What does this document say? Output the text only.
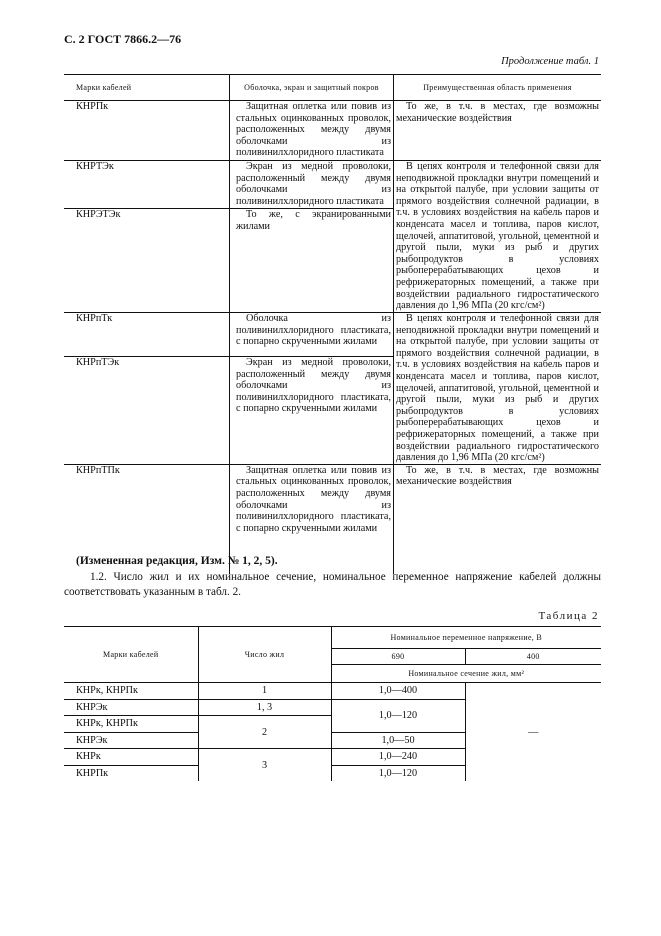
С. 2 ГОСТ 7866.2—76
Продолжение табл. 1
Марки кабелей	Оболочка, экран и защитный покров	Преимущественная область применения
КНРПк	Защитная оплетка или повив из стальных оцинкованных проволок, расположенных между двумя оболочками из поливинилхлоридного пластиката	То же, в т.ч. в местах, где возможны механические воздействия
КНРТЭк	Экран из медной проволоки, расположенный между двумя оболочками из поливинилхлоридного пластиката	В цепях контроля и телефонной связи для неподвижной прокладки внутри помещений и на открытой палубе, при условии защиты от прямого воздействия солнечной радиации, в т.ч. в условиях воздействия на кабель паров и конденсата масел и топлива, паров кислот, щелочей, аппатитовой, угольной, цементной и другой пыли, муки из рыб и других рыбопродуктов в условиях рыбоперерабатывающих цехов и рефрижераторных помещений, а также при воздействии радиального гидростатического давления до 1,96 МПа (20 кгс/см²)
КНРЭТЭк	То же, с экранированными жилами	
КНРпТк	Оболочка из поливинилхлоридного пластиката, с попарно скрученными жилами	В цепях контроля и телефонной связи для неподвижной прокладки внутри помещений и на открытой палубе, при условии защиты от прямого воздействия солнечной радиации, в т.ч. в условиях воздействия на кабель паров и конденсата масел и топлива, паров кислот, щелочей, аппатитовой, угольной, цементной и другой пыли, муки из рыб и других рыбопродуктов в условиях рыбоперерабатывающих цехов и рефрижераторных помещений, а также при воздействии радиального гидростатического давления до 1,96 МПа (20 кгс/см²)
КНРпТЭк	Экран из медной проволоки, расположенный между двумя оболочками из поливинилхлоридного пластиката, с попарно скрученными жилами	
КНРпТПк	Защитная оплетка или повив из стальных оцинкованных проволок, расположенных между двумя оболочками из поливинилхлоридного пластиката, с попарно скрученными жилами	То же, в т.ч. в местах, где возможны механические воздействия
(Измененная редакция, Изм. № 1, 2, 5).
1.2. Число жил и их номинальное сечение, номинальное переменное напряжение кабелей должны соответствовать указанным в табл. 2.
Таблица 2
Марки кабелей	Число жил	Номинальное переменное напряжение, В	
		690	400
		Номинальное сечение жил, мм²	
КНРк, КНРПк	1	1,0—400	—
КНРЭк	1, 3	1,0—120	
КНРк, КНРПк	2		
КНРЭк		1,0—50	
КНРк	3	1,0—240	
КНРПк		1,0—120	
